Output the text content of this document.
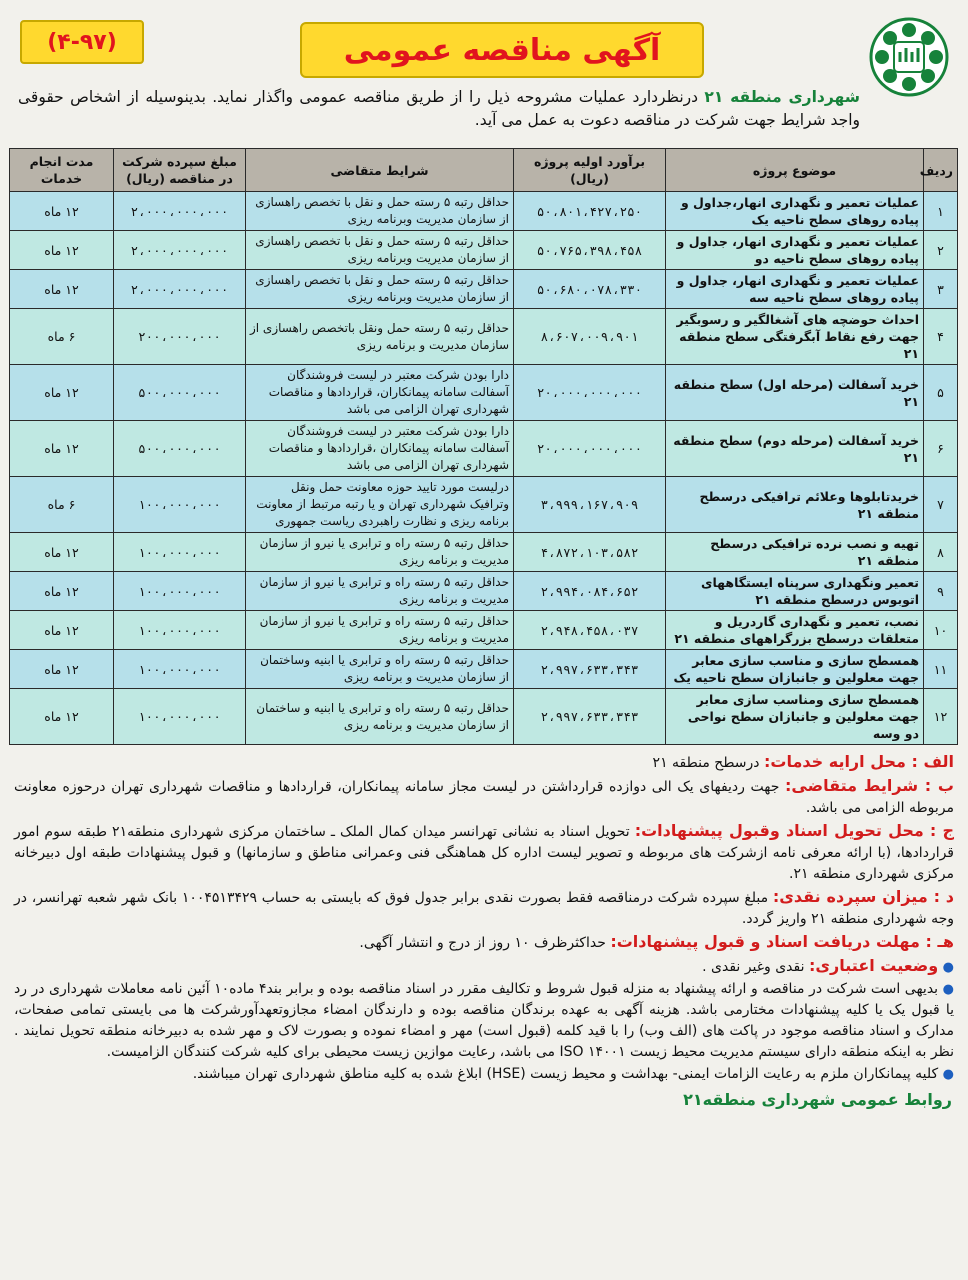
آگهی مناقصه عمومی
(۴-۹۷)
شهرداری منطقه ۲۱ درنظردارد عملیات مشروحه ذیل را از طریق مناقصه عمومی واگذار نماید. بدینوسیله از اشخاص حقوقی واجد شرایط جهت شرکت در مناقصه دعوت به عمل می آید.
ردیف	موضوع پروژه	برآورد اولیه پروژه (ریال)	شرایط متقاضی	مبلغ سپرده شرکت در مناقصه (ریال)	مدت انجام خدمات
۱	عملیات تعمیر و نگهداری انهار،جداول و پیاده روهای سطح ناحیه یک	۵۰،۸۰۱،۴۲۷،۲۵۰	حداقل رتبه ۵ رسته حمل و نقل با تخصص راهسازی از سازمان مدیریت وبرنامه ریزی	۲،۰۰۰،۰۰۰،۰۰۰	۱۲ ماه
۲	عملیات تعمیر و نگهداری انهار، جداول و پیاده روهای سطح ناحیه دو	۵۰،۷۶۵،۳۹۸،۴۵۸	حداقل رتبه ۵ رسته حمل و نقل با تخصص راهسازی از سازمان مدیریت وبرنامه ریزی	۲،۰۰۰،۰۰۰،۰۰۰	۱۲ ماه
۳	عملیات تعمیر و نگهداری انهار، جداول و پیاده روهای سطح ناحیه سه	۵۰،۶۸۰،۰۷۸،۳۳۰	حداقل رتبه ۵ رسته حمل و نقل با تخصص راهسازی از سازمان مدیریت وبرنامه ریزی	۲،۰۰۰،۰۰۰،۰۰۰	۱۲ ماه
۴	احداث حوضچه های آشغالگیر و رسوبگیر جهت رفع نقاط آبگرفتگی سطح منطقه ۲۱	۸،۶۰۷،۰۰۹،۹۰۱	حداقل رتبه ۵ رسته حمل ونقل باتخصص راهسازی از سازمان مدیریت و برنامه ریزی	۲۰۰،۰۰۰،۰۰۰	۶ ماه
۵	خرید آسفالت (مرحله اول) سطح منطقه ۲۱	۲۰،۰۰۰،۰۰۰،۰۰۰	دارا بودن شرکت معتبر در لیست فروشندگان آسفالت سامانه پیمانکاران، قراردادها و مناقصات شهرداری تهران الزامی می باشد	۵۰۰،۰۰۰،۰۰۰	۱۲ ماه
۶	خرید آسفالت (مرحله دوم) سطح منطقه ۲۱	۲۰،۰۰۰،۰۰۰،۰۰۰	دارا بودن شرکت معتبر در لیست فروشندگان آسفالت سامانه پیمانکاران ،قراردادها و مناقصات شهرداری تهران الزامی می باشد	۵۰۰،۰۰۰،۰۰۰	۱۲ ماه
۷	خریدتابلوها وعلائم ترافیکی درسطح منطقه ۲۱	۳،۹۹۹،۱۶۷،۹۰۹	درلیست مورد تایید حوزه معاونت حمل ونقل وترافیک شهرداری تهران و یا رتبه مرتبط از معاونت برنامه ریزی و نظارت راهبردی ریاست جمهوری	۱۰۰،۰۰۰،۰۰۰	۶ ماه
۸	تهیه و نصب نرده ترافیکی درسطح منطقه ۲۱	۴،۸۷۲،۱۰۳،۵۸۲	حداقل رتبه ۵ رسته راه و ترابری یا نیرو از سازمان مدیریت و برنامه ریزی	۱۰۰،۰۰۰،۰۰۰	۱۲ ماه
۹	تعمیر ونگهداری سرپناه ایستگاههای اتوبوس درسطح منطقه ۲۱	۲،۹۹۴،۰۸۴،۶۵۲	حداقل رتبه ۵ رسته راه و ترابری یا نیرو از سازمان مدیریت و برنامه ریزی	۱۰۰،۰۰۰،۰۰۰	۱۲ ماه
۱۰	نصب، تعمیر و نگهداری گاردریل و متعلقات درسطح بزرگراههای منطقه ۲۱	۲،۹۴۸،۴۵۸،۰۳۷	حداقل رتبه ۵ رسته راه و ترابری یا نیرو از سازمان مدیریت و برنامه ریزی	۱۰۰،۰۰۰،۰۰۰	۱۲ ماه
۱۱	همسطح سازی و مناسب سازی معابر جهت معلولین و جانبازان سطح ناحیه یک	۲،۹۹۷،۶۳۳،۳۴۳	حداقل رتبه ۵ رسته راه و ترابری یا ابنیه وساختمان از سازمان مدیریت و برنامه ریزی	۱۰۰،۰۰۰،۰۰۰	۱۲ ماه
۱۲	همسطح سازی ومناسب سازی معابر جهت معلولین و جانبازان سطح نواحی دو وسه	۲،۹۹۷،۶۳۳،۳۴۳	حداقل رتبه ۵ رسته راه و ترابری یا ابنیه و ساختمان از سازمان مدیریت و برنامه ریزی	۱۰۰،۰۰۰،۰۰۰	۱۲ ماه
الف : محل ارایه خدمات: درسطح منطقه ۲۱
ب : شرایط متقاضی: جهت ردیفهای یک الی دوازده قرارداشتن در لیست مجاز سامانه پیمانکاران، قراردادها و مناقصات شهرداری تهران درحوزه معاونت مربوطه الزامی می باشد.
ج : محل تحویل اسناد وقبول پیشنهادات: تحویل اسناد به نشانی تهرانسر میدان کمال الملک ـ ساختمان مرکزی شهرداری منطقه۲۱ طبقه سوم امور قراردادها، (با ارائه معرفی نامه ازشرکت های مربوطه و تصویر لیست اداره کل هماهنگی فنی وعمرانی مناطق و سازمانها) و قبول پیشنهادات طبقه اول دبیرخانه مرکزی شهرداری منطقه ۲۱.
د : میزان سپرده نقدی: مبلغ سپرده شرکت درمناقصه فقط بصورت نقدی برابر جدول فوق که بایستی به حساب ۱۰۰۴۵۱۳۴۲۹ بانک شهر شعبه تهرانسر، در وجه شهرداری منطقه ۲۱ واریز گردد.
هـ : مهلت دریافت اسناد و قبول پیشنهادات: حداکثرظرف ۱۰ روز از درج و انتشار آگهی.
● وضعیت اعتباری: نقدی وغیر نقدی .
● بدیهی است شرکت در مناقصه و ارائه پیشنهاد به منزله قبول شروط و تکالیف مقرر در اسناد مناقصه بوده و برابر بند۴ ماده۱۰ آئین نامه معاملات شهرداری در رد یا قبول یک یا کلیه پیشنهادات مختارمی باشد. هزینه آگهی به عهده برندگان مناقصه بوده و دارندگان امضاء مجازوتعهدآورشرکت ها می بایستی تمامی صفحات، مدارک و اسناد مناقصه موجود در پاکت های (الف وب) را با قید کلمه (قبول است) مهر و امضاء نموده و بصورت لاک و مهر شده به دبیرخانه منطقه تحویل نمایند . نظر به اینکه منطقه دارای سیستم مدیریت محیط زیست ۱۴۰۰۱ ISO می باشد، رعایت موازین زیست محیطی برای کلیه شرکت کنندگان الزامیست.
● کلیه پیمانکاران ملزم به رعایت الزامات ایمنی- بهداشت و محیط زیست (HSE) ابلاغ شده به کلیه مناطق شهرداری تهران میباشند.
روابط عمومی شهرداری منطقه۲۱
